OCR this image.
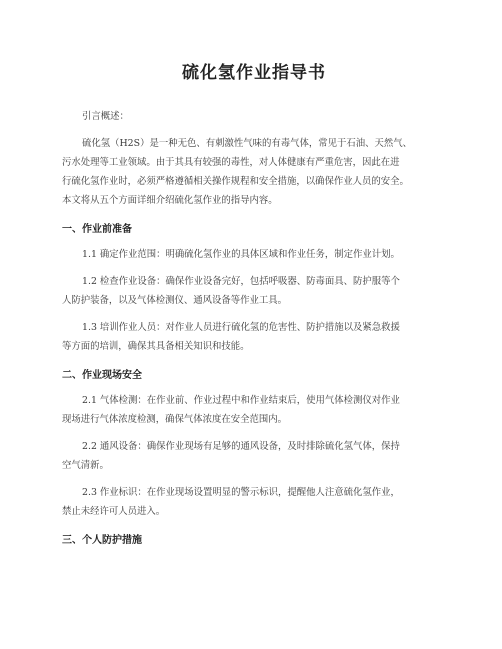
硫化氢作业指导书

引言概述：

硫化氢（H2S）是一种无色、有刺激性气味的有毒气体，常见于石油、天然气、
污水处理等工业领域。由于其具有较强的毒性，对人体健康有严重危害，因此在进
行硫化氢作业时，必须严格遵循相关操作规程和安全措施，以确保作业人员的安全。
本文将从五个方面详细介绍硫化氢作业的指导内容。

一、作业前准备

1.1 确定作业范围：明确硫化氢作业的具体区域和作业任务，制定作业计划。

1.2 检查作业设备：确保作业设备完好，包括呼吸器、防毒面具、防护服等个
人防护装备，以及气体检测仪、通风设备等作业工具。

1.3 培训作业人员：对作业人员进行硫化氢的危害性、防护措施以及紧急救援
等方面的培训，确保其具备相关知识和技能。

二、作业现场安全

2.1 气体检测：在作业前、作业过程中和作业结束后，使用气体检测仪对作业
现场进行气体浓度检测，确保气体浓度在安全范围内。

2.2 通风设备：确保作业现场有足够的通风设备，及时排除硫化氢气体，保持
空气清新。

2.3 作业标识：在作业现场设置明显的警示标识，提醒他人注意硫化氢作业，
禁止未经许可人员进入。

三、个人防护措施
